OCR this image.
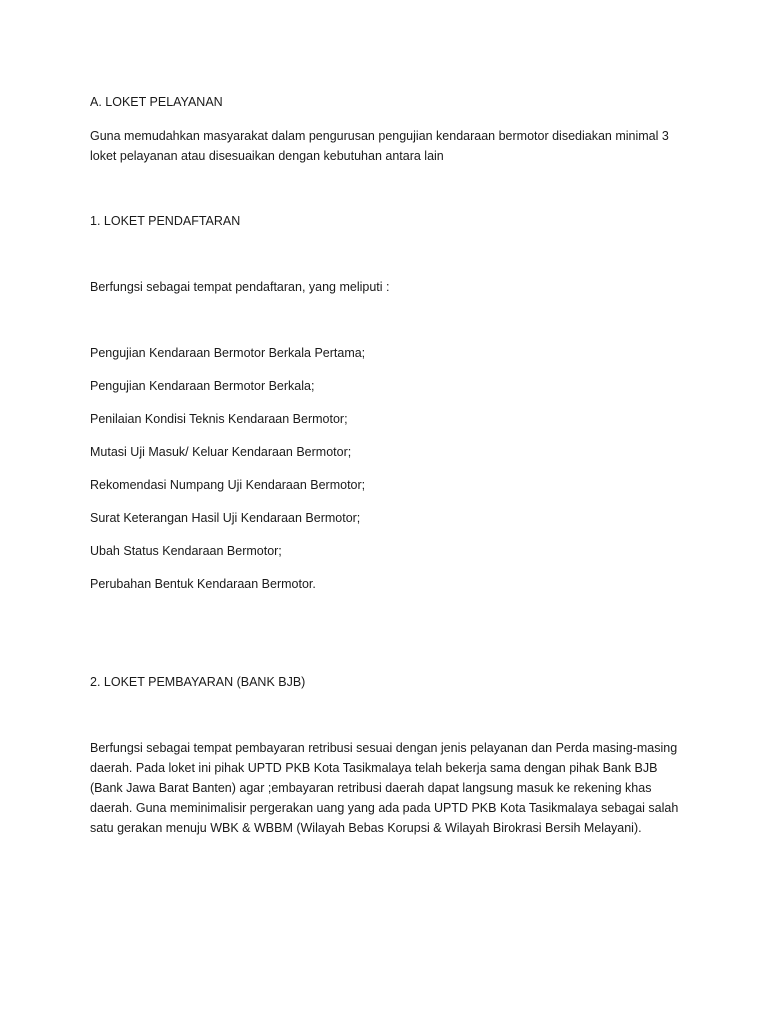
A. LOKET PELAYANAN

Guna memudahkan masyarakat dalam pengurusan pengujian kendaraan bermotor disediakan minimal 3
loket pelayanan atau disesuaikan dengan kebutuhan antara lain

1. LOKET PENDAFTARAN

Berfungsi sebagai tempat pendaftaran, yang meliputi :

Pengujian Kendaraan Bermotor Berkala Pertama;

Pengujian Kendaraan Bermotor Berkala;

Penilaian Kondisi Teknis Kendaraan Bermotor;

Mutasi Uji Masuk/ Keluar Kendaraan Bermotor;

Rekomendasi Numpang Uji Kendaraan Bermotor;

Surat Keterangan Hasil Uji Kendaraan Bermotor;

Ubah Status Kendaraan Bermotor;

Perubahan Bentuk Kendaraan Bermotor.

2. LOKET PEMBAYARAN (BANK BJB)

Berfungsi sebagai tempat pembayaran retribusi sesuai dengan jenis pelayanan dan Perda masing-masing
daerah. Pada loket ini pihak UPTD PKB Kota Tasikmalaya telah bekerja sama dengan pihak Bank BJB
(Bank Jawa Barat Banten) agar ;embayaran retribusi daerah dapat langsung masuk ke rekening khas
daerah. Guna meminimalisir pergerakan uang yang ada pada UPTD PKB Kota Tasikmalaya sebagai salah
satu gerakan menuju WBK & WBBM (Wilayah Bebas Korupsi & Wilayah Birokrasi Bersih Melayani).
